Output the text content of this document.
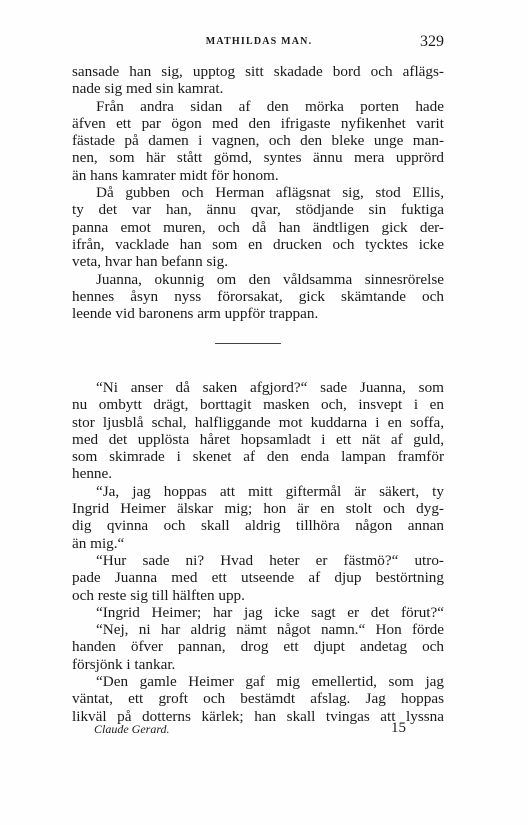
MATHILDAS MAN.	329
sansade han sig, upptog sitt skadade bord och aflägs-
nade sig med sin kamrat.
Från andra sidan af den mörka porten hade
äfven ett par ögon med den ifrigaste nyfikenhet varit
fästade på damen i vagnen, och den bleke unge man-
nen, som här stått gömd, syntes ännu mera upprörd
än hans kamrater midt för honom.
Då gubben och Herman aflägsnat sig, stod Ellis,
ty det var han, ännu qvar, stödjande sin fuktiga
panna emot muren, och då han ändtligen gick der-
ifrån, vacklade han som en drucken och tycktes icke
veta, hvar han befann sig.
Juanna, okunnig om den våldsamma sinnesrörelse
hennes åsyn nyss förorsakat, gick skämtande och
leende vid baronens arm uppför trappan.
“Ni anser då saken afgjord?“ sade Juanna, som
nu ombytt drägt, borttagit masken och, insvept i en
stor ljusblå schal, halfliggande mot kuddarna i en soffa,
med det upplösta håret hopsamladt i ett nät af guld,
som skimrade i skenet af den enda lampan framför
henne.
“Ja, jag hoppas att mitt giftermål är säkert, ty
Ingrid Heimer älskar mig; hon är en stolt och dyg-
dig qvinna och skall aldrig tillhöra någon annan
än mig.“
“Hur sade ni? Hvad heter er fästmö?“ utro-
pade Juanna med ett utseende af djup bestörtning
och reste sig till hälften upp.
“Ingrid Heimer; har jag icke sagt er det förut?“
“Nej, ni har aldrig nämt något namn.“ Hon förde
handen öfver pannan, drog ett djupt andetag och
försjönk i tankar.
“Den gamle Heimer gaf mig emellertid, som jag
väntat, ett groft och bestämdt afslag. Jag hoppas
likväl på dotterns kärlek; han skall tvingas att lyssna
Claude Gerard.	15
